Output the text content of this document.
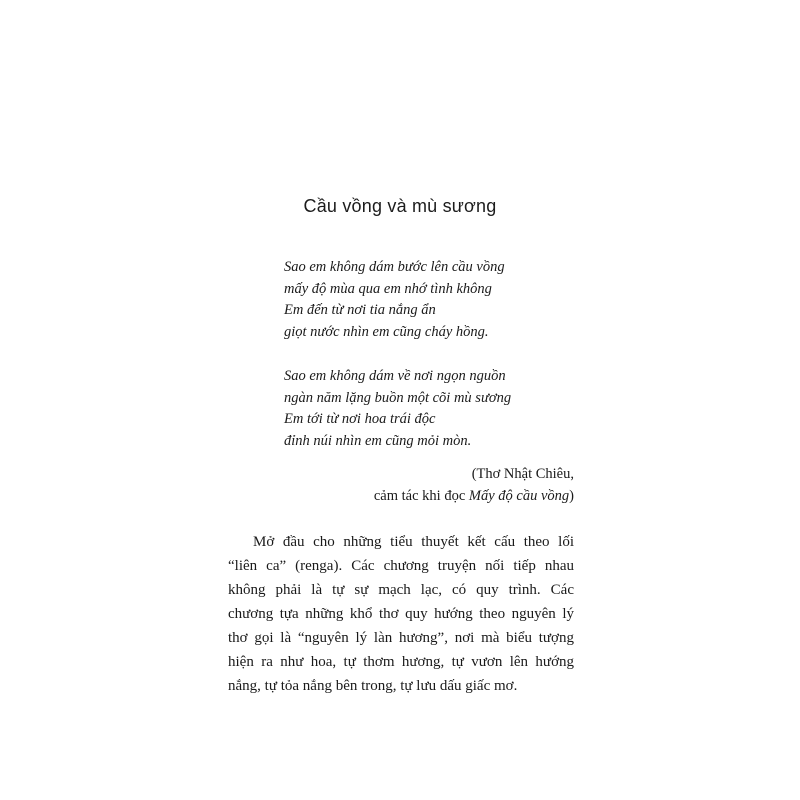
Cầu vồng và mù sương
Sao em không dám bước lên cầu vồng
mấy độ mùa qua em nhớ tình không
Em đến từ nơi tia nắng ẩn
giọt nước nhìn em cũng cháy hồng.
Sao em không dám về nơi ngọn nguồn
ngàn năm lặng buồn một cõi mù sương
Em tới từ nơi hoa trái độc
đỉnh núi nhìn em cũng mỏi mòn.
(Thơ Nhật Chiêu,
cảm tác khi đọc Mấy độ cầu vồng)
Mở đầu cho những tiểu thuyết kết cấu theo lối
“liên ca” (renga). Các chương truyện nối tiếp nhau
không phải là tự sự mạch lạc, có quy trình. Các
chương tựa những khổ thơ quy hướng theo nguyên lý
thơ gọi là “nguyên lý làn hương”, nơi mà biểu tượng
hiện ra như hoa, tự thơm hương, tự vươn lên hướng
nắng, tự tỏa nắng bên trong, tự lưu dấu giấc mơ.
